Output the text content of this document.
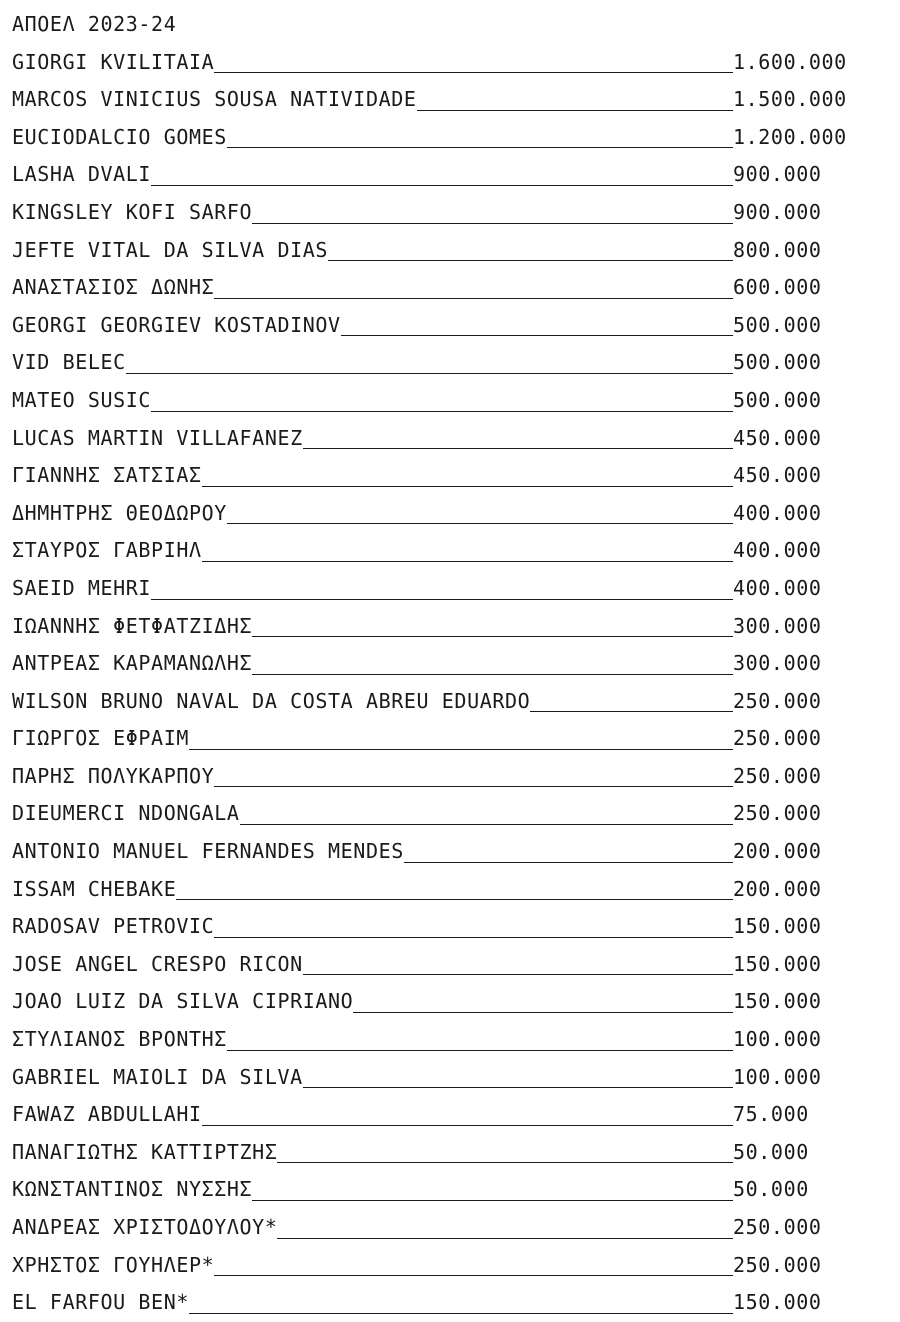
ΑΠΟΕΛ 2023-24
GIORGI KVILITAIA	1.600.000
MARCOS VINICIUS SOUSA NATIVIDADE	1.500.000
EUCIODALCIO GOMES	1.200.000
LASHA DVALI	900.000
KINGSLEY KOFI SARFO	900.000
JEFTE VITAL DA SILVA DIAS	800.000
ΑΝΑΣΤΑΣΙΟΣ ΔΩΝΗΣ	600.000
GEORGI GEORGIEV KOSTADINOV	500.000
VID BELEC	500.000
MATEO SUSIC	500.000
LUCAS MARTIN VILLAFANEZ	450.000
ΓΙΑΝΝΗΣ ΣΑΤΣΙΑΣ	450.000
ΔΗΜΗΤΡΗΣ ΘΕΟΔΩΡΟΥ	400.000
ΣΤΑΥΡΟΣ ΓΑΒΡΙΗΛ	400.000
SAEID MEHRI	400.000
ΙΩΑΝΝΗΣ ΦΕΤΦΑΤΖΙΔΗΣ	300.000
ΑΝΤΡΕΑΣ ΚΑΡΑΜΑΝΩΛΗΣ	300.000
WILSON BRUNO NAVAL DA COSTA ABREU EDUARDO	250.000
ΓΙΩΡΓΟΣ ΕΦΡΑΙΜ	250.000
ΠΑΡΗΣ ΠΟΛΥΚΑΡΠΟΥ	250.000
DIEUMERCI NDONGALA	250.000
ANTONIO MANUEL FERNANDES MENDES	200.000
ISSAM CHEBAKE	200.000
RADOSAV PETROVIC	150.000
JOSE ANGEL CRESPO RICON	150.000
JOAO LUIZ DA SILVA CIPRIANO	150.000
ΣΤΥΛΙΑΝΟΣ ΒΡΟΝΤΗΣ	100.000
GABRIEL MAIOLI DA SILVA	100.000
FAWAZ ABDULLAHI	75.000
ΠΑΝΑΓΙΩΤΗΣ ΚΑΤΤΙΡΤΖΗΣ	50.000
ΚΩΝΣΤΑΝΤΙΝΟΣ ΝΥΣΣΗΣ	50.000
ΑΝΔΡΕΑΣ ΧΡΙΣΤΟΔΟΥΛΟΥ*	250.000
ΧΡΗΣΤΟΣ ΓΟΥΗΛΕΡ*	250.000
EL FARFOU BEN*	150.000
